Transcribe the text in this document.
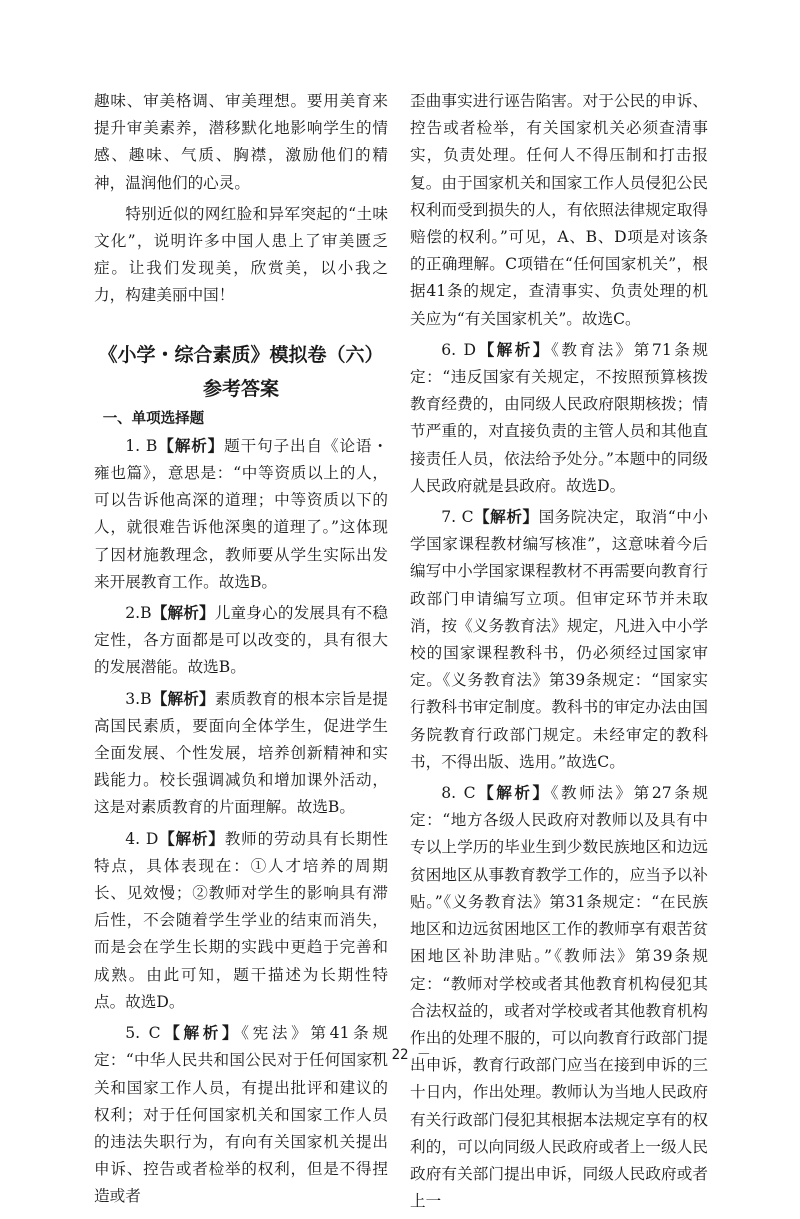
趣味、审美格调、审美理想。要用美育来提升审美素养，潜移默化地影响学生的情感、趣味、气质、胸襟，激励他们的精神，温润他们的心灵。

特别近似的网红脸和异军突起的“土味文化”，说明许多中国人患上了审美匮乏症。让我们发现美，欣赏美，以小我之力，构建美丽中国！

《小学・综合素质》模拟卷（六）
参考答案
一、单项选择题

1. B【解析】题干句子出自《论语・雍也篇》，意思是：“中等资质以上的人，可以告诉他高深的道理；中等资质以下的人，就很难告诉他深奥的道理了。”这体现了因材施教理念，教师要从学生实际出发来开展教育工作。故选B。

2.B【解析】儿童身心的发展具有不稳定性，各方面都是可以改变的，具有很大的发展潜能。故选B。

3.B【解析】素质教育的根本宗旨是提高国民素质，要面向全体学生，促进学生全面发展、个性发展，培养创新精神和实践能力。校长强调减负和增加课外活动，这是对素质教育的片面理解。故选B。

4. D【解析】教师的劳动具有长期性特点，具体表现在：①人才培养的周期长、见效慢；②教师对学生的影响具有滞后性，不会随着学生学业的结束而消失，而是会在学生长期的实践中更趋于完善和成熟。由此可知，题干描述为长期性特点。故选D。

5. C【解析】《宪法》第41条规定：“中华人民共和国公民对于任何国家机关和国家工作人员，有提出批评和建议的权利；对于任何国家机关和国家工作人员的违法失职行为，有向有关国家机关提出申诉、控告或者检举的权利，但是不得捏造或者

歪曲事实进行诬告陷害。对于公民的申诉、控告或者检举，有关国家机关必须查清事实，负责处理。任何人不得压制和打击报复。由于国家机关和国家工作人员侵犯公民权利而受到损失的人，有依照法律规定取得赔偿的权利。”可见，A、B、D项是对该条的正确理解。C项错在“任何国家机关”，根据41条的规定，查清事实、负责处理的机关应为“有关国家机关”。故选C。

6. D【解析】《教育法》第71条规定：“违反国家有关规定，不按照预算核拨教育经费的，由同级人民政府限期核拨；情节严重的，对直接负责的主管人员和其他直接责任人员，依法给予处分。”本题中的同级人民政府就是县政府。故选D。

7. C【解析】国务院决定，取消“中小学国家课程教材编写核准”，这意味着今后编写中小学国家课程教材不再需要向教育行政部门申请编写立项。但审定环节并未取消，按《义务教育法》规定，凡进入中小学校的国家课程教科书，仍必须经过国家审定。《义务教育法》第39条规定：“国家实行教科书审定制度。教科书的审定办法由国务院教育行政部门规定。未经审定的教科书，不得出版、选用。”故选C。

8. C【解析】《教师法》第27条规定：“地方各级人民政府对教师以及具有中专以上学历的毕业生到少数民族地区和边远贫困地区从事教育教学工作的，应当予以补贴。”《义务教育法》第31条规定：“在民族地区和边远贫困地区工作的教师享有艰苦贫困地区补助津贴。”《教师法》第39条规定：“教师对学校或者其他教育机构侵犯其合法权益的，或者对学校或者其他教育机构作出的处理不服的，可以向教育行政部门提出申诉，教育行政部门应当在接到申诉的三十日内，作出处理。教师认为当地人民政府有关行政部门侵犯其根据本法规定享有的权利的，可以向同级人民政府或者上一级人民政府有关部门提出申诉，同级人民政府或者上一

－ 22 －
